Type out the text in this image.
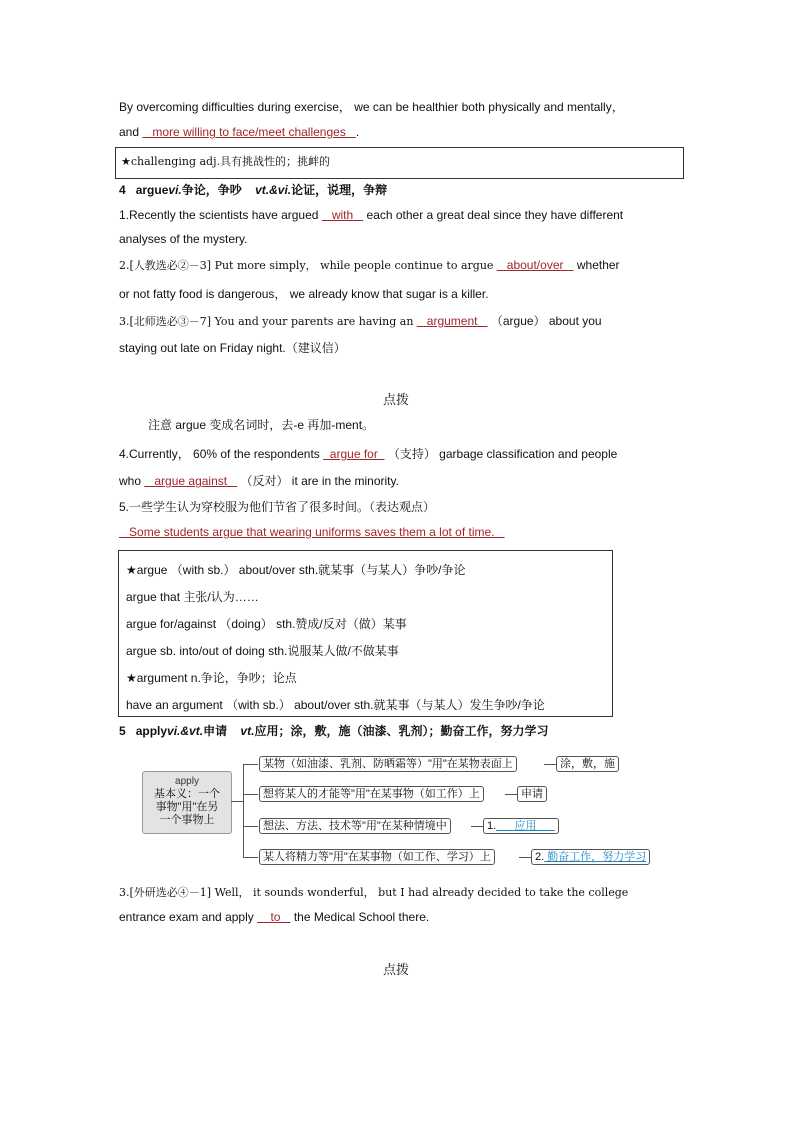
By overcoming difficulties during exercise， we can be healthier both physically and mentally，
and more willing to face/meet challenges .
★challenging adj.具有挑战性的；挑衅的
4 arguevi.争论，争吵 vt.&vi.论证，说理，争辩
1.Recently the scientists have argued with each other a great deal since they have different
analyses of the mystery.
2.[人教选必②－3] Put more simply， while people continue to argue about/over whether
or not fatty food is dangerous， we already know that sugar is a killer.
3.[北师选必③－7] You and your parents are having an argument （argue） about you
staying out late on Friday night.（建议信）
点拨
注意 argue 变成名词时，去-e 再加-ment。
4.Currently， 60% of the respondents argue for （支持） garbage classification and people
who argue against （反对） it are in the minority.
5.一些学生认为穿校服为他们节省了很多时间。（表达观点）
Some students argue that wearing uniforms saves them a lot of time.
★argue （with sb.） about/over sth.就某事（与某人）争吵/争论
argue that 主张/认为……
argue for/against （doing） sth.赞成/反对（做）某事
argue sb. into/out of doing sth.说服某人做/不做某事
★argument n.争论，争吵；论点
have an argument （with sb.） about/over sth.就某事（与某人）发生争吵/争论
5 applyvi.&vt.申请 vt.应用；涂，敷，施（油漆、乳剂）；勤奋工作，努力学习
apply
基本义：一个
事物"用"在另
一个事物上
某物（如油漆、乳剂、防晒霜等）"用"在某物表面上	涂，敷，施
想将某人的才能等"用"在某事物（如工作）上	申请
想法、方法、技术等"用"在某种情境中	1. 应用
某人将精力等"用"在某事物（如工作、学习）上	2. 勤奋工作，努力学习
3.[外研选必④－1] Well， it sounds wonderful， but I had already decided to take the college
entrance exam and apply to the Medical School there.
点拨
